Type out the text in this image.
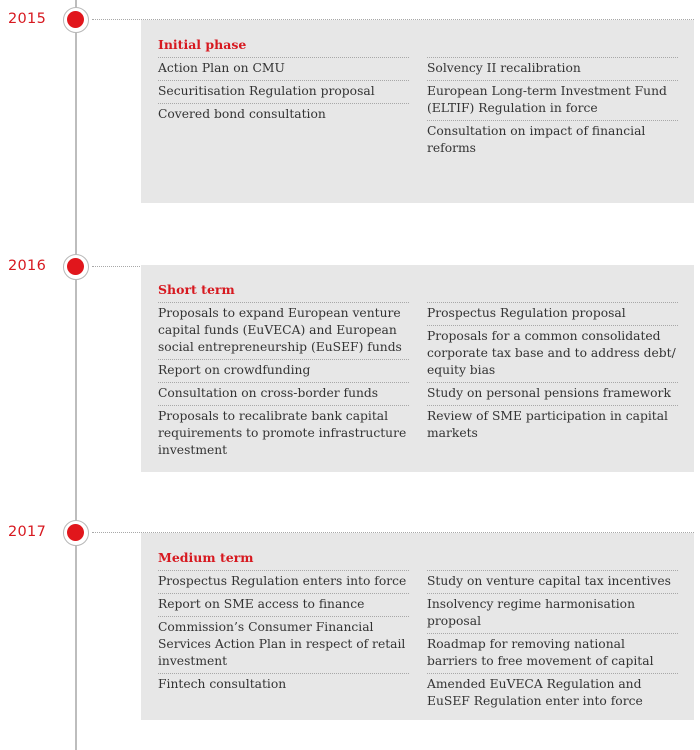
2015
Initial phase
Action Plan on CMU
Securitisation Regulation proposal
Covered bond consultation
Solvency II recalibration
European Long-term Investment Fund (ELTIF) Regulation in force
Consultation on impact of financial reforms
2016
Short term
Proposals to expand European venture capital funds (EuVECA) and European social entrepreneurship (EuSEF) funds
Report on crowdfunding
Consultation on cross-border funds
Proposals to recalibrate bank capital requirements to promote infrastructure investment
Prospectus Regulation proposal
Proposals for a common consolidated corporate tax base and to address debt/ equity bias
Study on personal pensions framework
Review of SME participation in capital markets
2017
Medium term
Prospectus Regulation enters into force
Report on SME access to finance
Commission’s Consumer Financial Services Action Plan in respect of retail investment
Fintech consultation
Study on venture capital tax incentives
Insolvency regime harmonisation proposal
Roadmap for removing national barriers to free movement of capital
Amended EuVECA Regulation and EuSEF Regulation enter into force
